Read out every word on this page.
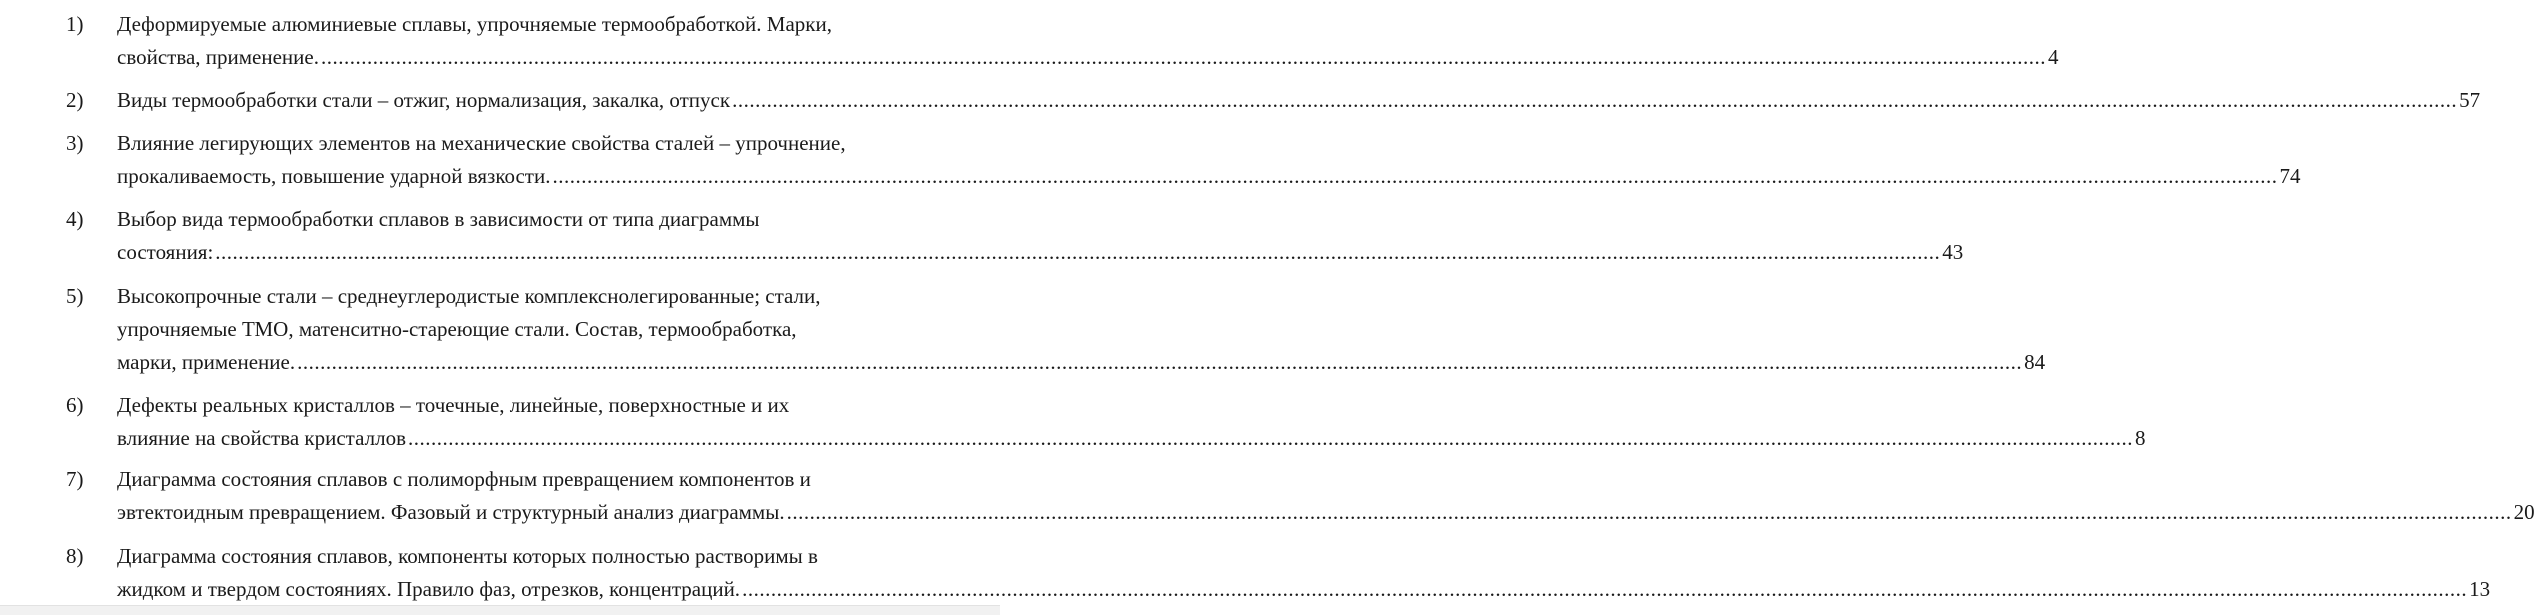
1) Деформируемые алюминиевые сплавы, упрочняемые термообработкой. Марки,
свойства, применение. ............................................................................................................................................................................................................................................................................................................ 4
2) Виды термообработки стали – отжиг, нормализация, закалка, отпуск ............................................................................................................................................................................................................................................................................................................ 57
3) Влияние легирующих элементов на механические свойства сталей – упрочнение,
прокаливаемость, повышение ударной вязкости. ............................................................................................................................................................................................................................................................................................................ 74
4) Выбор вида термообработки сплавов в зависимости от типа диаграммы
состояния: ............................................................................................................................................................................................................................................................................................................ 43
5) Высокопрочные стали – среднеуглеродистые комплекснолегированные; стали,
упрочняемые ТМО, матенситно-стареющие стали. Состав, термообработка,
марки, применение. ............................................................................................................................................................................................................................................................................................................ 84
6) Дефекты реальных кристаллов – точечные, линейные, поверхностные и их
влияние на свойства кристаллов ............................................................................................................................................................................................................................................................................................................ 8
7) Диаграмма состояния сплавов с полиморфным превращением компонентов и
эвтектоидным превращением. Фазовый и структурный анализ диаграммы. ............................................................................................................................................................................................................................................................................................................ 20
8) Диаграмма состояния сплавов, компоненты которых полностью растворимы в
жидком и твердом состояниях. Правило фаз, отрезков, концентраций. ............................................................................................................................................................................................................................................................................................................ 13
